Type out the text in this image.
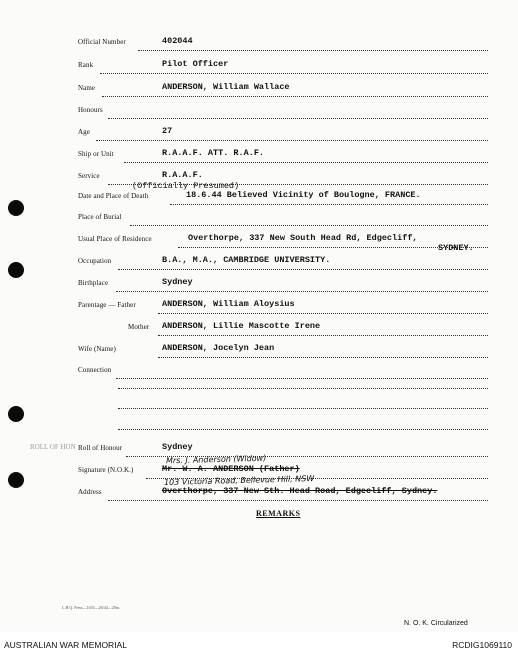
ROLL OF HON
Official Number	402044
Rank	Pilot Officer
Name	ANDERSON, William Wallace
Honours
Age	27
Ship or Unit	R.A.A.F. ATT. R.A.F.
Service	R.A.A.F.
(Officially Presumed)
Date and Place of Death	18.6.44 Believed Vicinity of Boulogne, FRANCE.
Place of Burial
Usual Place of Residence	Overthorpe, 337 New South Head Rd, Edgecliff,
SYDNEY.
Occupation	B.A., M.A., CAMBRIDGE UNIVERSITY.
Birthplace	Sydney
Parentage — Father	ANDERSON, William Aloysius
Mother ANDERSON, Lillie Mascotte Irene
Wife (Name)	ANDERSON, Jocelyn Jean
Connection
Roll of Honour	Sydney
Mrs. J. Anderson (Widow)
Signature (N.O.K.)	Mr. W. A. ANDERSON (Father)
103 Victoria Road, Bellevue Hill, NSW
Address	Overthorpe, 337 New Sth. Head Road, Edgecliff, Sydney.
REMARKS
L.H.Q. Press—1635—26/44—20m.
N. O. K. Circularized
AUSTRALIAN WAR MEMORIAL	RCDIG1069110
